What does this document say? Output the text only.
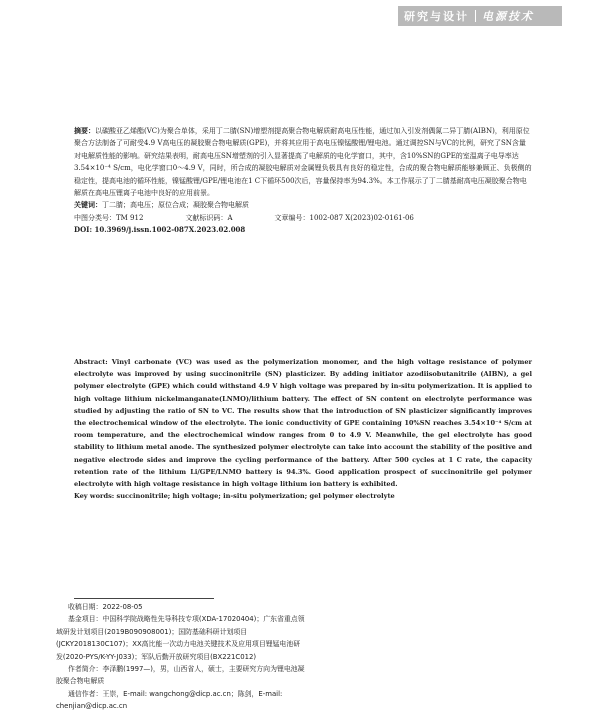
研究与设计 电源技术

摘要：以碳酸亚乙烯酯(VC)为聚合单体，采用丁二腈(SN)增塑剂提高聚合物电解质耐高电压性能，通过加入引发剂偶氮二异丁腈(AIBN)，利用原位聚合方法制备了可耐受4.9 V高电压的凝胶聚合物电解质(GPE)，并将其应用于高电压镍锰酸锂/锂电池。通过调控SN与VC的比例，研究了SN含量对电解质性能的影响。研究结果表明，耐高电压SN增塑剂的引入显著提高了电解质的电化学窗口，其中，含10%SN的GPE的室温离子电导率达3.54×10⁻⁴ S/cm，电化学窗口0～4.9 V，同时，所合成的凝胶电解质对金属锂负极具有良好的稳定性，合成的聚合物电解质能够兼顾正、负极侧的稳定性，提高电池的循环性能，镍锰酸锂/GPE/锂电池在1 C下循环500次后，容量保持率为94.3%。本工作展示了丁二腈基耐高电压凝胶聚合物电解质在高电压锂离子电池中良好的应用前景。

关键词：丁二腈；高电压；原位合成；凝胶聚合物电解质

中图分类号：TM 912	文献标识码：A	文章编号：1002-087 X(2023)02-0161-06

DOI: 10.3969/j.issn.1002-087X.2023.02.008

Abstract: Vinyl carbonate (VC) was used as the polymerization monomer, and the high voltage resistance of polymer electrolyte was improved by using succinonitrile (SN) plasticizer. By adding initiator azodiisobutanitrile (AIBN), a gel polymer electrolyte (GPE) which could withstand 4.9 V high voltage was prepared by in-situ polymerization. It is applied to high voltage lithium nickelmanganate(LNMO)/lithium battery. The effect of SN content on electrolyte performance was studied by adjusting the ratio of SN to VC. The results show that the introduction of SN plasticizer significantly improves the electrochemical window of the electrolyte. The ionic conductivity of GPE containing 10%SN reaches 3.54×10⁻⁴ S/cm at room temperature, and the electrochemical window ranges from 0 to 4.9 V. Meanwhile, the gel electrolyte has good stability to lithium metal anode. The synthesized polymer electrolyte can take into account the stability of the positive and negative electrode sides and improve the cycling performance of the battery. After 500 cycles at 1 C rate, the capacity retention rate of the lithium Li/GPE/LNMO battery is 94.3%. Good application prospect of succinonitrile gel polymer electrolyte with high voltage resistance in high voltage lithium ion battery is exhibited.

Key words: succinonitrile; high voltage; in-situ polymerization; gel polymer electrolyte

收稿日期：2022-08-05

基金项目：中国科学院战略性先导科技专项(XDA-17020404)；广东省重点领域研发计划项目(2019B090908001)；国防基础科研计划项目(JCKY2018130C107)；XX高比能一次动力电池关键技术及应用项目锂锰电池研发(2020-PYS/K-YY-J033)；军队后勤开放研究项目(BX221C012)

作者简介：李泽鹏(1997—)，男，山西省人，硕士，主要研究方向为锂电池凝胶聚合物电解质

通信作者：王崇，E-mail: wangchong@dicp.ac.cn；陈剑，E-mail: chenjian@dicp.ac.cn
